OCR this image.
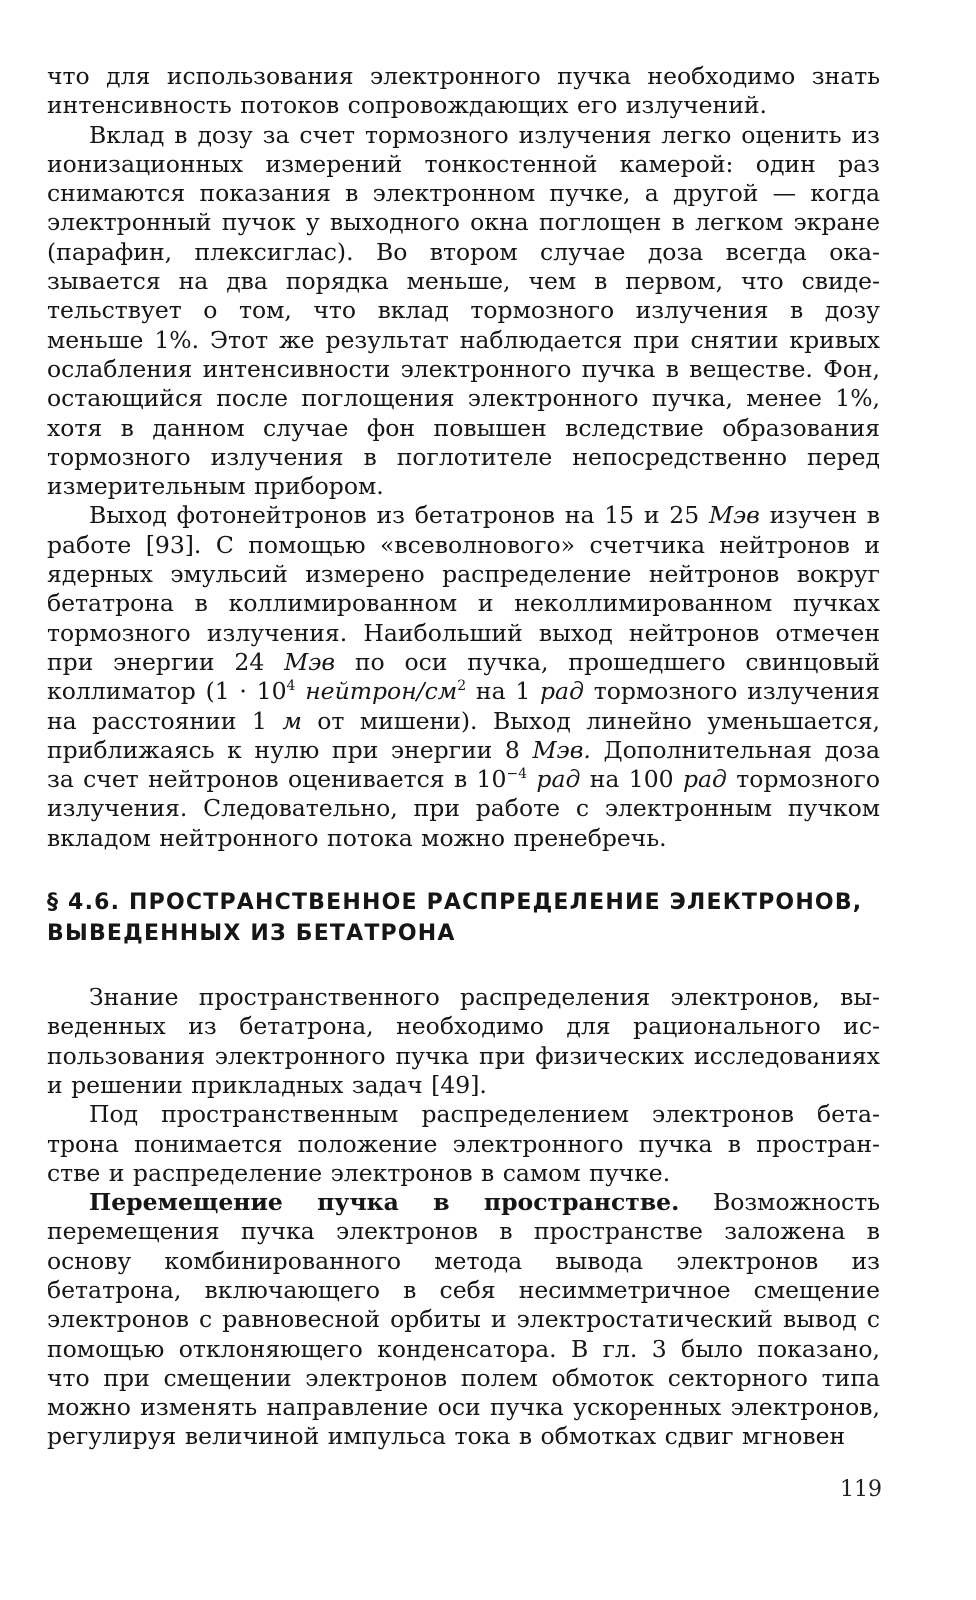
что для использования электронного пучка необходимо знать интенсивность потоков сопровождающих его излучений.

Вклад в дозу за счет тормозного излучения легко оценить из ионизационных измерений тонкостенной камерой: один раз снимаются показания в электронном пучке, а другой — когда электронный пучок у выходного окна поглощен в легком экране (парафин, плексиглас). Во втором случае доза всегда оказывается на два порядка меньше, чем в первом, что свидетельствует о том, что вклад тормозного излучения в дозу меньше 1%. Этот же результат наблюдается при снятии кривых ослабления интенсивности электронного пучка в веществе. Фон, остающийся после поглощения электронного пучка, менее 1%, хотя в данном случае фон повышен вследствие образования тормозного излучения в поглотителе непосредственно перед измерительным прибором.

Выход фотонейтронов из бетатронов на 15 и 25 Мэв изучен в работе [93]. С помощью «всеволнового» счетчика нейтронов и ядерных эмульсий измерено распределение нейтронов вокруг бетатрона в коллимированном и неколлимированном пучках тормозного излучения. Наибольший выход нейтронов отмечен при энергии 24 Мэв по оси пучка, прошедшего свинцовый коллиматор ($1 \cdot 10^4$ нейтрон/$см^2$ на 1 рад тормозного излучения на расстоянии 1 м от мишени). Выход линейно уменьшается, приближаясь к нулю при энергии 8 Мэв. Дополнительная доза за счет нейтронов оценивается в $10^{-4}$ рад на 100 рад тормозного излучения. Следовательно, при работе с электронным пучком вкладом нейтронного потока можно пренебречь.

§ 4.6. ПРОСТРАНСТВЕННОЕ РАСПРЕДЕЛЕНИЕ ЭЛЕКТРОНОВ,
ВЫВЕДЕННЫХ ИЗ БЕТАТРОНА

Знание пространственного распределения электронов, выведенных из бетатрона, необходимо для рационального использования электронного пучка при физических исследованиях и решении прикладных задач [49].

Под пространственным распределением электронов бетатрона понимается положение электронного пучка в пространстве и распределение электронов в самом пучке.

Перемещение пучка в пространстве. Возможность перемещения пучка электронов в пространстве заложена в основу комбинированного метода вывода электронов из бетатрона, включающего в себя несимметричное смещение электронов с равновесной орбиты и электростатический вывод с помощью отклоняющего конденсатора. В гл. 3 было показано, что при смещении электронов полем обмоток секторного типа можно изменять направление оси пучка ускоренных электронов, регулируя величиной импульса тока в обмотках сдвиг мгновен

119
